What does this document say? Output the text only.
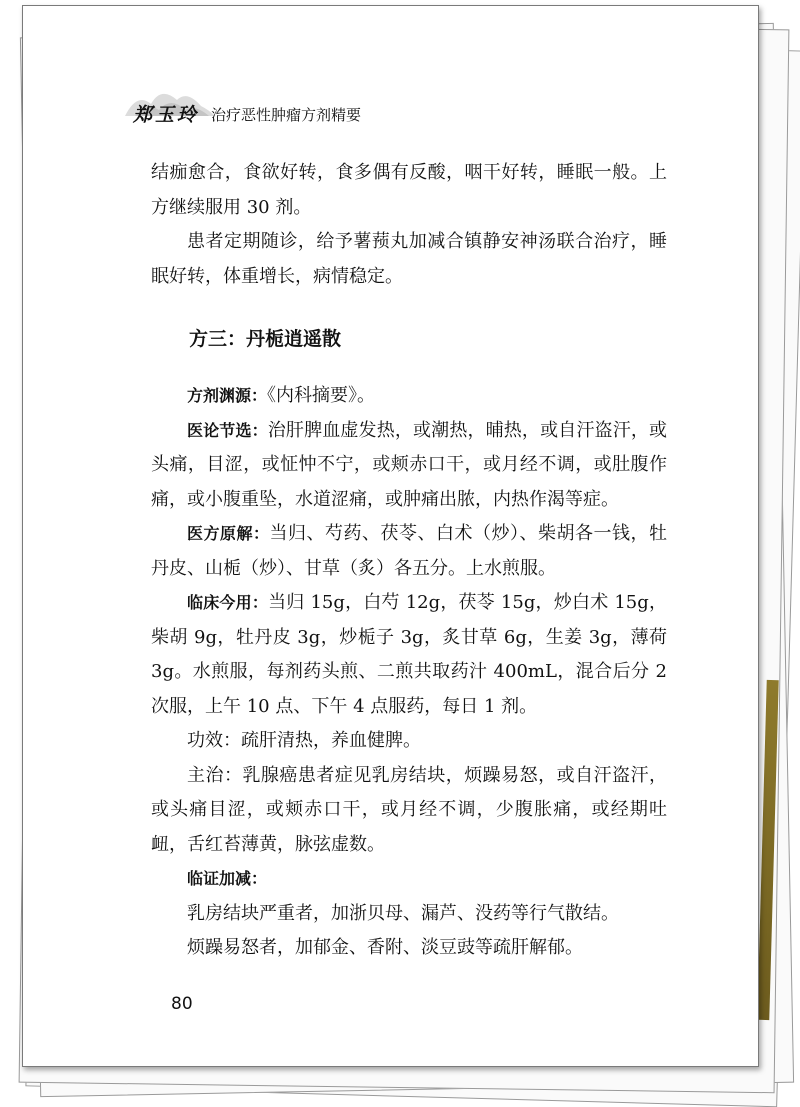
郑玉玲 治疗恶性肿瘤方剂精要

结痂愈合，食欲好转，食多偶有反酸，咽干好转，睡眠一般。上方继续服用 30 剂。

患者定期随诊，给予薯蓣丸加减合镇静安神汤联合治疗，睡眠好转，体重增长，病情稳定。

方三：丹栀逍遥散

方剂渊源：《内科摘要》。

医论节选：治肝脾血虚发热，或潮热，晡热，或自汗盗汗，或头痛，目涩，或怔忡不宁，或颊赤口干，或月经不调，或肚腹作痛，或小腹重坠，水道涩痛，或肿痛出脓，内热作渴等症。

医方原解：当归、芍药、茯苓、白术（炒）、柴胡各一钱，牡丹皮、山栀（炒）、甘草（炙）各五分。上水煎服。

临床今用：当归 15g，白芍 12g，茯苓 15g，炒白术 15g，柴胡 9g，牡丹皮 3g，炒栀子 3g，炙甘草 6g，生姜 3g，薄荷 3g。水煎服，每剂药头煎、二煎共取药汁 400mL，混合后分 2 次服，上午 10 点、下午 4 点服药，每日 1 剂。

功效：疏肝清热，养血健脾。

主治：乳腺癌患者症见乳房结块，烦躁易怒，或自汗盗汗，或头痛目涩，或颊赤口干，或月经不调，少腹胀痛，或经期吐衄，舌红苔薄黄，脉弦虚数。

临证加减：

乳房结块严重者，加浙贝母、漏芦、没药等行气散结。

烦躁易怒者，加郁金、香附、淡豆豉等疏肝解郁。

80
